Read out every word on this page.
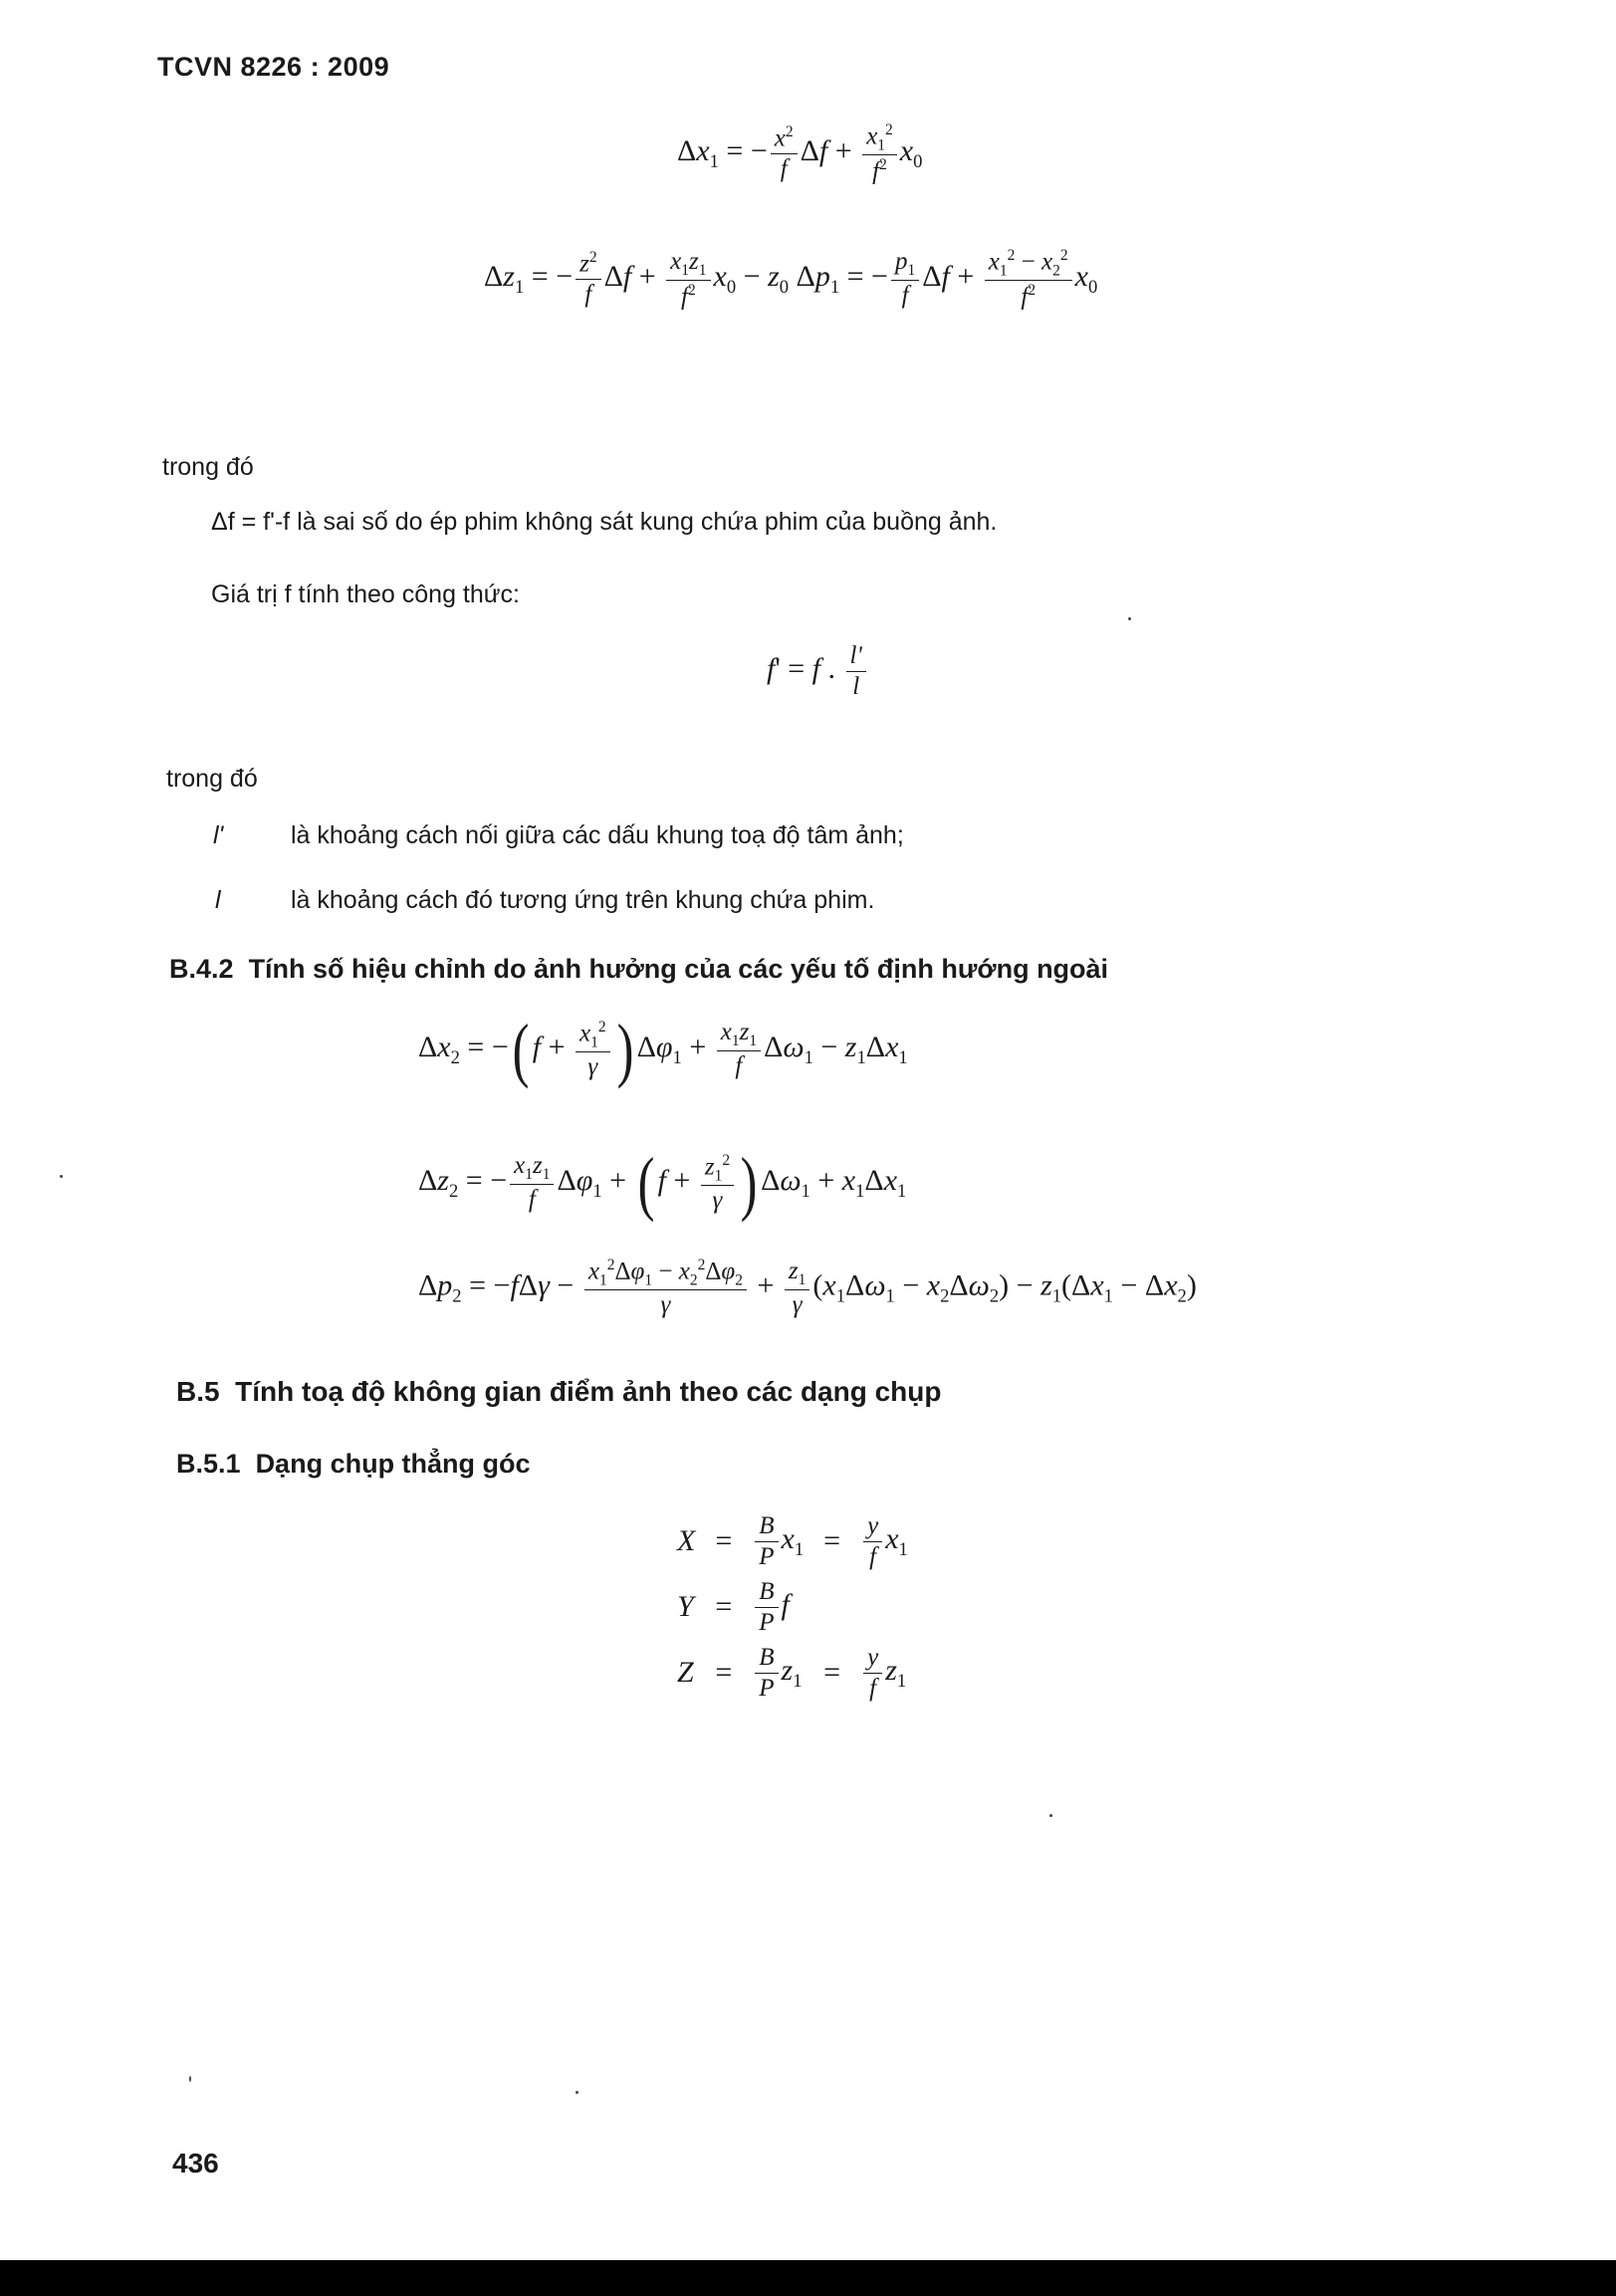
TCVN 8226 : 2009
$\Delta x_1$ = − $\frac{x^2}{f}$ $\Delta f + \frac{x_1^2}{f^2} x_0$
$\Delta z_1$ = − $\frac{z^2}{f}$ $\Delta f + \frac{x_1z_1}{f^2} x_0 - z_0$ $\Delta p_1$ = − $\frac{p_1}{f}$ $\Delta f + \frac{x_1^2 - x_2^2}{f^2} x_0$
trong đó
Δf = f'-f là sai số do ép phim không sát kung chứa phim của buồng ảnh.
Giá trị f tính theo công thức:
f' = f . $\frac{l'}{l}$
trong đó
l'	là khoảng cách nối giữa các dấu khung toạ độ tâm ảnh;
l	là khoảng cách đó tương ứng trên khung chứa phim.
B.4.2 Tính số hiệu chỉnh do ảnh hưởng của các yếu tố định hướng ngoài
$\Delta x_2$ = −( $f + \frac{x_1^2}{\gamma}$ ) $\Delta\varphi_1 + \frac{x_1z_1}{f} \Delta\omega_1 - z_1\Delta x_1$
$\Delta z_2$ = − $\frac{x_1z_1}{f} \Delta\varphi_1$ + ( $f + \frac{z_1^2}{\gamma}$ ) $\Delta\omega_1 + x_1\Delta x_1$
$\Delta p_2 = -f\Delta\gamma - \frac{x_1^2\Delta\varphi_1 - x_2^2\Delta\varphi_2}{\gamma} + \frac{z_1}{\gamma} (x_1\Delta\omega_1 - x_2\Delta\omega_2) - z_1(\Delta x_1 - \Delta x_2)$
B.5 Tính toạ độ không gian điểm ảnh theo các dạng chụp
B.5.1 Dạng chụp thẳng góc
X	=	$\frac{B}{P} x_1$	=	$\frac{y}{f} x_1$
Y	=	$\frac{B}{P}$ f		
Z	=	$\frac{B}{P} z_1$	=	$\frac{y}{f} z_1$
436
